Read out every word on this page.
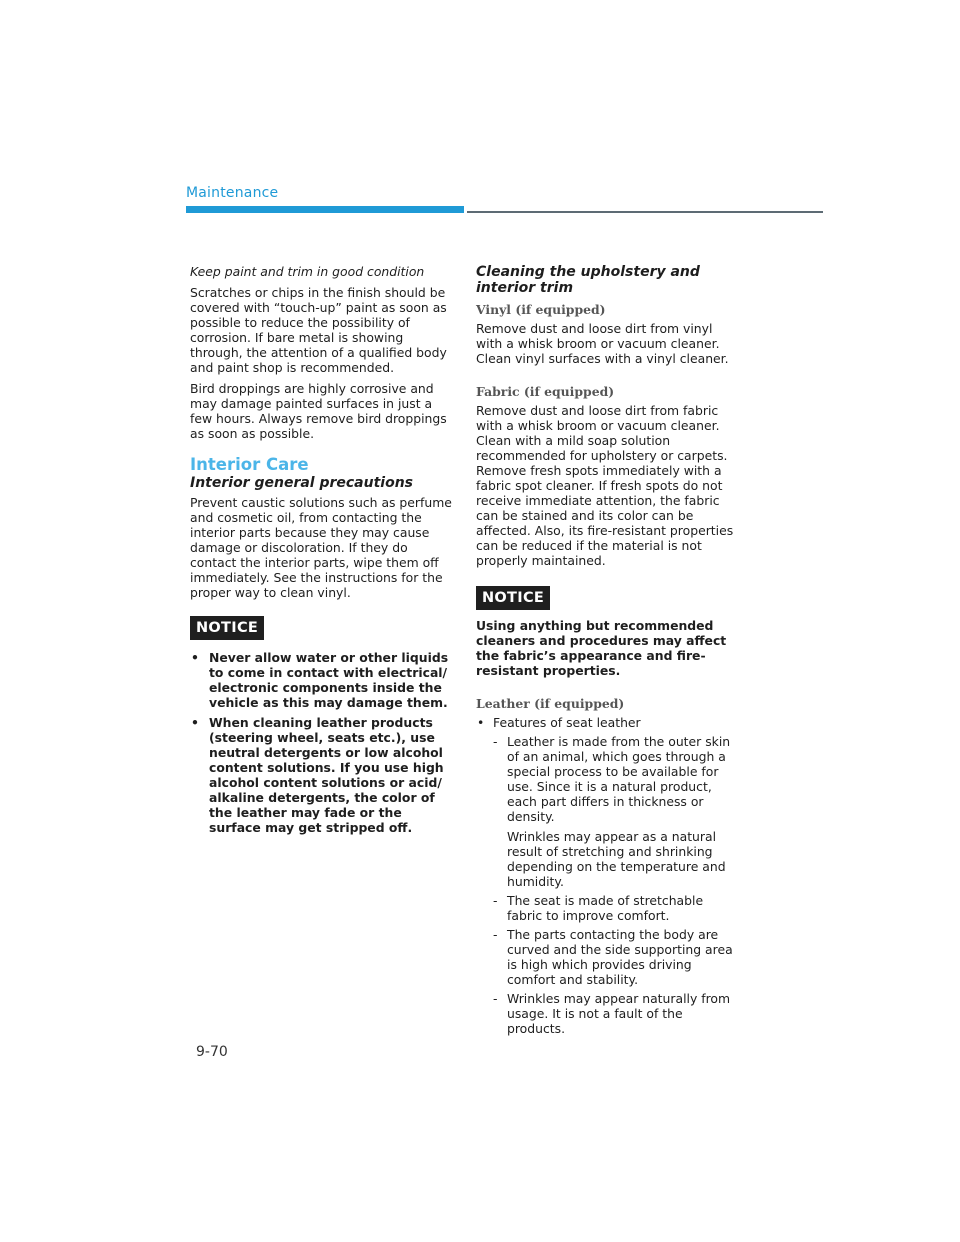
Maintenance

Keep paint and trim in good condition

Scratches or chips in the finish should be covered with “touch-up” paint as soon as possible to reduce the possibility of corrosion. If bare metal is showing through, the attention of a qualified body and paint shop is recommended.

Bird droppings are highly corrosive and may damage painted surfaces in just a few hours. Always remove bird droppings as soon as possible.

Interior Care

Interior general precautions

Prevent caustic solutions such as perfume and cosmetic oil, from contacting the interior parts because they may cause damage or discoloration. If they do contact the interior parts, wipe them off immediately. See the instructions for the proper way to clean vinyl.

NOTICE
• Never allow water or other liquids to come in contact with electrical/ electronic components inside the vehicle as this may damage them.
• When cleaning leather products (steering wheel, seats etc.), use neutral detergents or low alcohol content solutions. If you use high alcohol content solutions or acid/ alkaline detergents, the color of the leather may fade or the surface may get stripped off.

Cleaning the upholstery and interior trim

Vinyl (if equipped)

Remove dust and loose dirt from vinyl with a whisk broom or vacuum cleaner. Clean vinyl surfaces with a vinyl cleaner.

Fabric (if equipped)

Remove dust and loose dirt from fabric with a whisk broom or vacuum cleaner. Clean with a mild soap solution recommended for upholstery or carpets. Remove fresh spots immediately with a fabric spot cleaner. If fresh spots do not receive immediate attention, the fabric can be stained and its color can be affected. Also, its fire-resistant properties can be reduced if the material is not properly maintained.

NOTICE

Using anything but recommended cleaners and procedures may affect the fabric’s appearance and fire-resistant properties.

Leather (if equipped)

• Features of seat leather
- Leather is made from the outer skin of an animal, which goes through a special process to be available for use. Since it is a natural product, each part differs in thickness or density.
Wrinkles may appear as a natural result of stretching and shrinking depending on the temperature and humidity.
- The seat is made of stretchable fabric to improve comfort.
- The parts contacting the body are curved and the side supporting area is high which provides driving comfort and stability.
- Wrinkles may appear naturally from usage. It is not a fault of the products.
9-70
